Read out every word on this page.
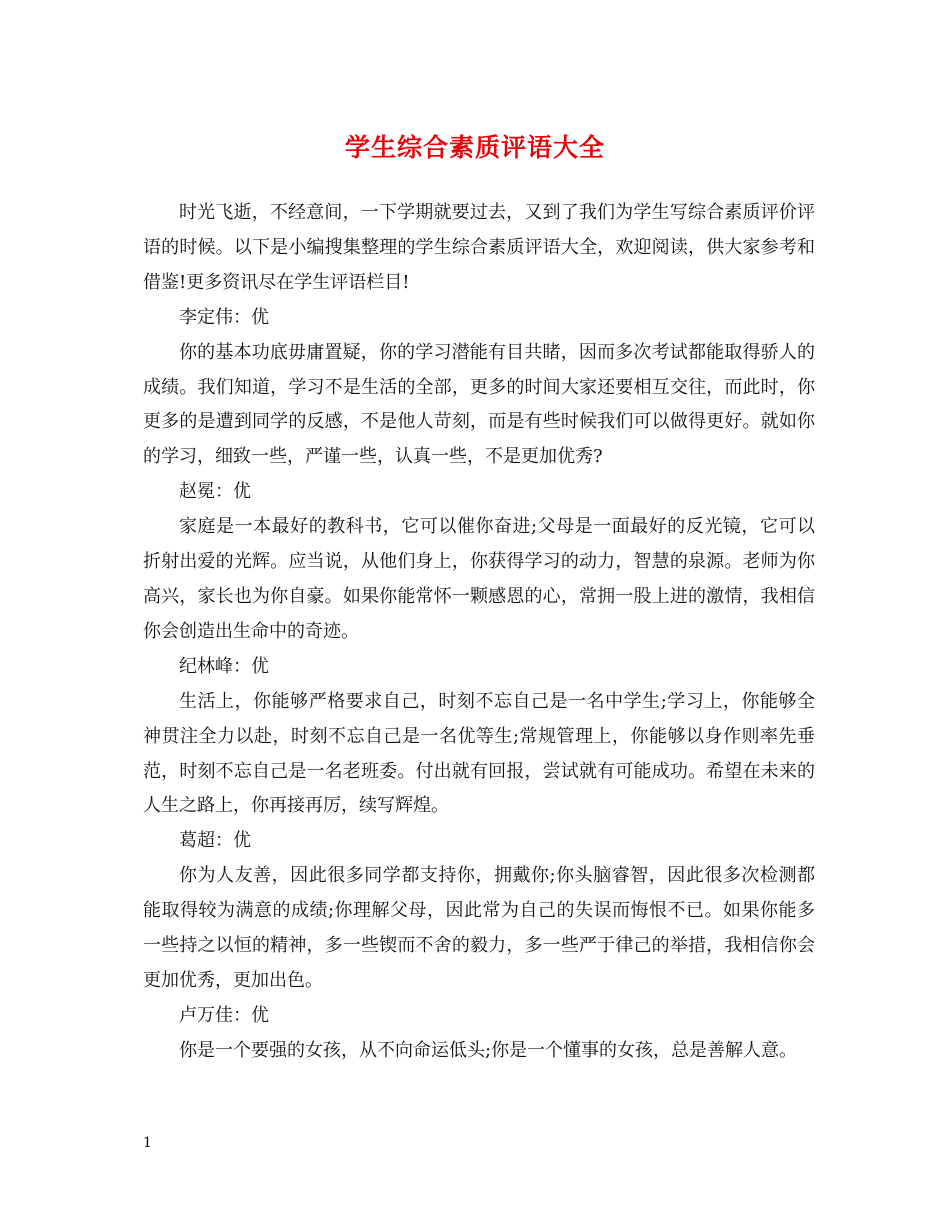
学生综合素质评语大全

时光飞逝，不经意间，一下学期就要过去，又到了我们为学生写综合素质评价评语的时候。以下是小编搜集整理的学生综合素质评语大全，欢迎阅读，供大家参考和借鉴!更多资讯尽在学生评语栏目!

李定伟：优

你的基本功底毋庸置疑，你的学习潜能有目共睹，因而多次考试都能取得骄人的成绩。我们知道，学习不是生活的全部，更多的时间大家还要相互交往，而此时，你更多的是遭到同学的反感，不是他人苛刻，而是有些时候我们可以做得更好。就如你的学习，细致一些，严谨一些，认真一些，不是更加优秀?

赵冕：优

家庭是一本最好的教科书，它可以催你奋进;父母是一面最好的反光镜，它可以折射出爱的光辉。应当说，从他们身上，你获得学习的动力，智慧的泉源。老师为你高兴，家长也为你自豪。如果你能常怀一颗感恩的心，常拥一股上进的激情，我相信你会创造出生命中的奇迹。

纪林峰：优

生活上，你能够严格要求自己，时刻不忘自己是一名中学生;学习上，你能够全神贯注全力以赴，时刻不忘自己是一名优等生;常规管理上，你能够以身作则率先垂范，时刻不忘自己是一名老班委。付出就有回报，尝试就有可能成功。希望在未来的人生之路上，你再接再厉，续写辉煌。

葛超：优

你为人友善，因此很多同学都支持你，拥戴你;你头脑睿智，因此很多次检测都能取得较为满意的成绩;你理解父母，因此常为自己的失误而悔恨不已。如果你能多一些持之以恒的精神，多一些锲而不舍的毅力，多一些严于律己的举措，我相信你会更加优秀，更加出色。

卢万佳：优

你是一个要强的女孩，从不向命运低头;你是一个懂事的女孩，总是善解人意。

1
